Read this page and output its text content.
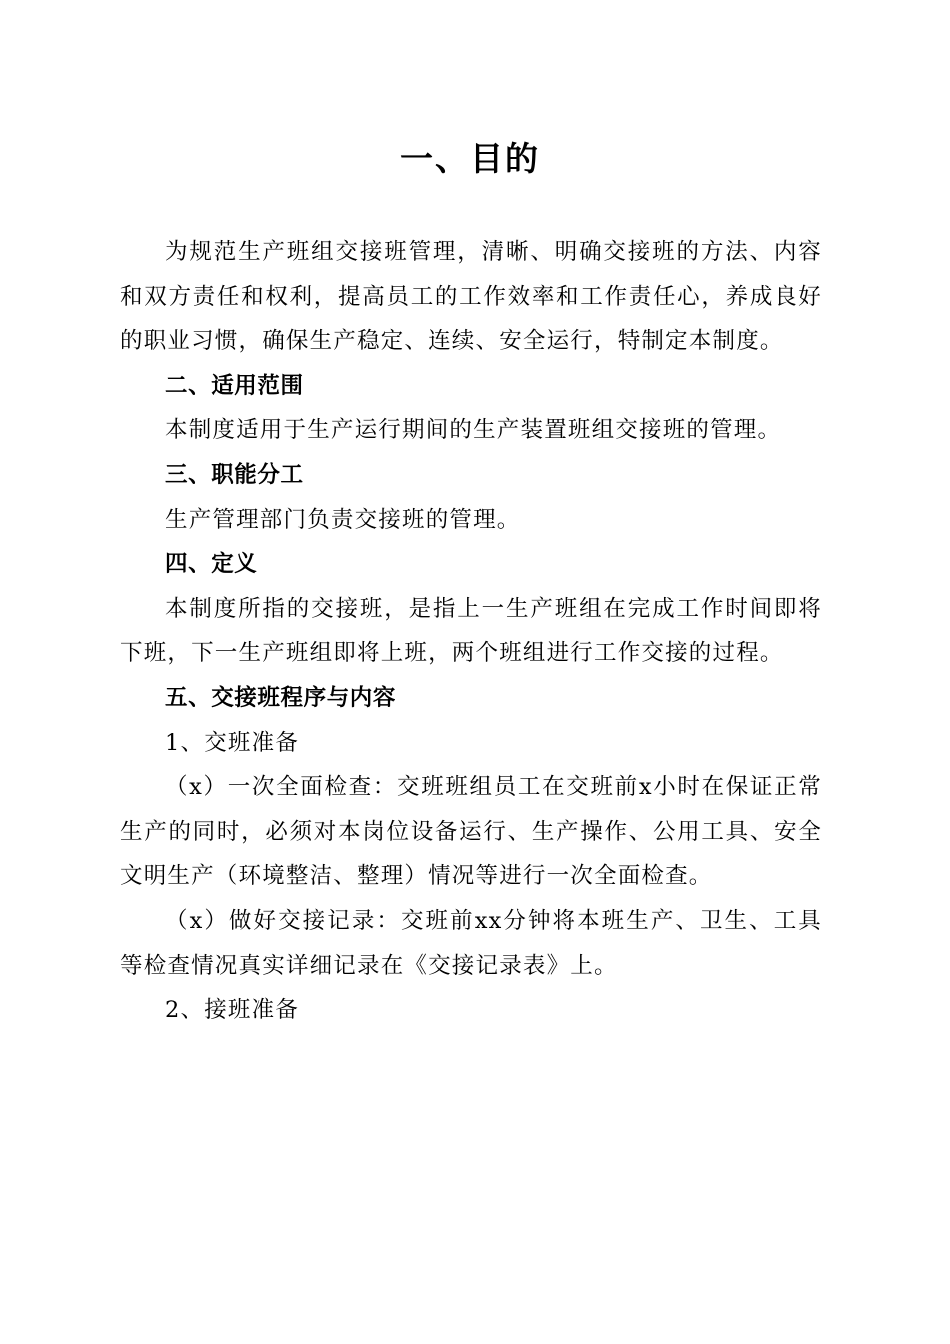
一、目的

为规范生产班组交接班管理，清晰、明确交接班的方法、内容和双方责任和权利，提高员工的工作效率和工作责任心，养成良好的职业习惯，确保生产稳定、连续、安全运行，特制定本制度。

二、适用范围

本制度适用于生产运行期间的生产装置班组交接班的管理。

三、职能分工

生产管理部门负责交接班的管理。

四、定义

本制度所指的交接班，是指上一生产班组在完成工作时间即将下班，下一生产班组即将上班，两个班组进行工作交接的过程。

五、交接班程序与内容

1、交班准备

（x）一次全面检查：交班班组员工在交班前x小时在保证正常生产的同时，必须对本岗位设备运行、生产操作、公用工具、安全文明生产（环境整洁、整理）情况等进行一次全面检查。

（x）做好交接记录：交班前xx分钟将本班生产、卫生、工具等检查情况真实详细记录在《交接记录表》上。

2、接班准备
